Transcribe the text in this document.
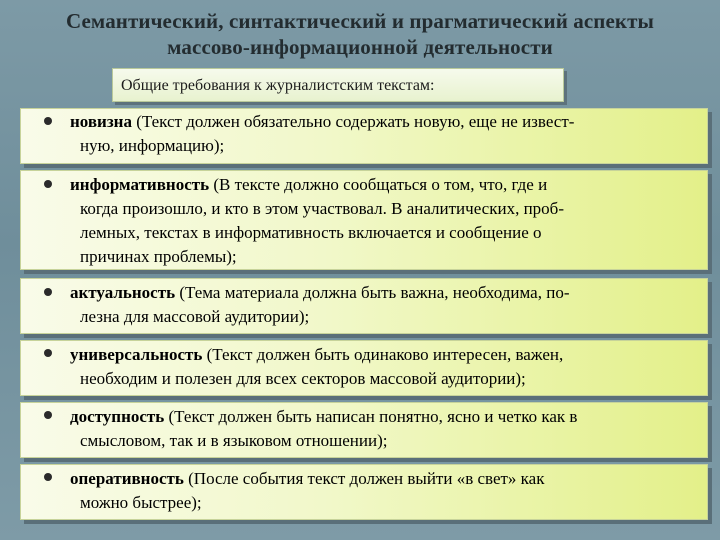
Семантический, синтактический и прагматический аспекты
массово-информационной деятельности
Общие требования к журналистским текстам:
новизна (Текст должен обязательно содержать новую, еще не извест-
ную, информацию);
информативность (В тексте должно сообщаться о том, что, где и
когда произошло, и кто в этом участвовал. В аналитических, проб-
лемных, текстах в информативность включается и сообщение о
причинах проблемы);
актуальность (Тема материала должна быть важна, необходима, по-
лезна для массовой аудитории);
универсальность (Текст должен быть одинаково интересен, важен,
необходим и полезен для всех секторов массовой аудитории);
доступность (Текст должен быть написан понятно, ясно и четко как в
смысловом, так и в языковом отношении);
оперативность (После события текст должен выйти «в свет» как
можно быстрее);
